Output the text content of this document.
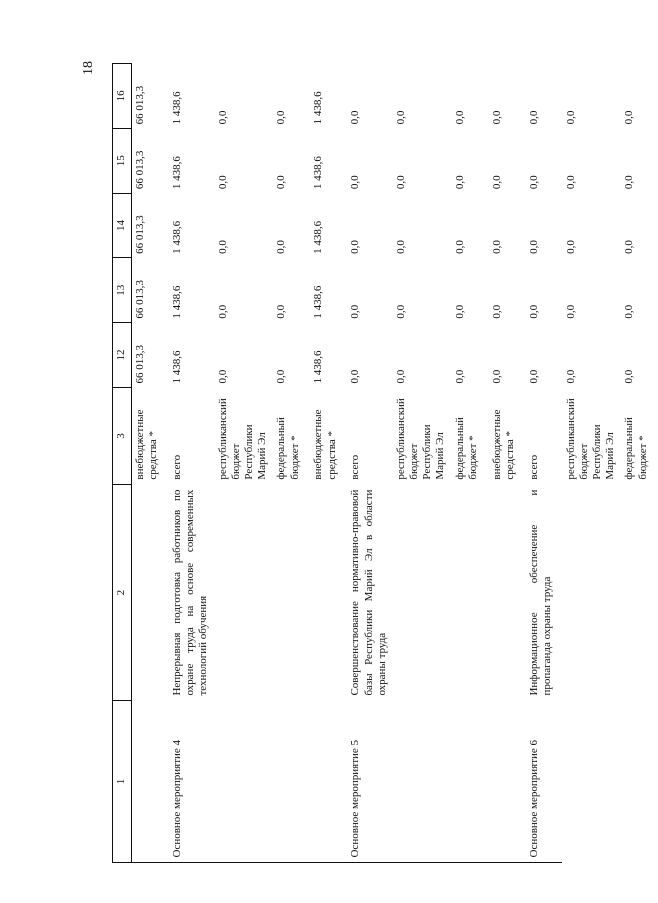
18
1	2	3	12	13	14	15	16
		внебюджетные средства *	66 013,3	66 013,3	66 013,3	66 013,3	66 013,3
Основное мероприятие 4	Непрерывная подготовка работников по охране труда на основе современных технологий обучения	всего	1 438,6	1 438,6	1 438,6	1 438,6	1 438,6
		республиканский бюджет Республики Марий Эл	0,0	0,0	0,0	0,0	0,0
		федеральный бюджет *	0,0	0,0	0,0	0,0	0,0
		внебюджетные средства *	1 438,6	1 438,6	1 438,6	1 438,6	1 438,6
Основное мероприятие 5	Совершенствование нормативно-правовой базы Республики Марий Эл в области охраны труда	всего	0,0	0,0	0,0	0,0	0,0
		республиканский бюджет Республики Марий Эл	0,0	0,0	0,0	0,0	0,0
		федеральный бюджет *	0,0	0,0	0,0	0,0	0,0
		внебюджетные средства *	0,0	0,0	0,0	0,0	0,0
Основное мероприятие 6	Информационное обеспечение и пропаганда охраны труда	всего	0,0	0,0	0,0	0,0	0,0
		республиканский бюджет Республики Марий Эл	0,0	0,0	0,0	0,0	0,0
		федеральный бюджет *	0,0	0,0	0,0	0,0	0,0
